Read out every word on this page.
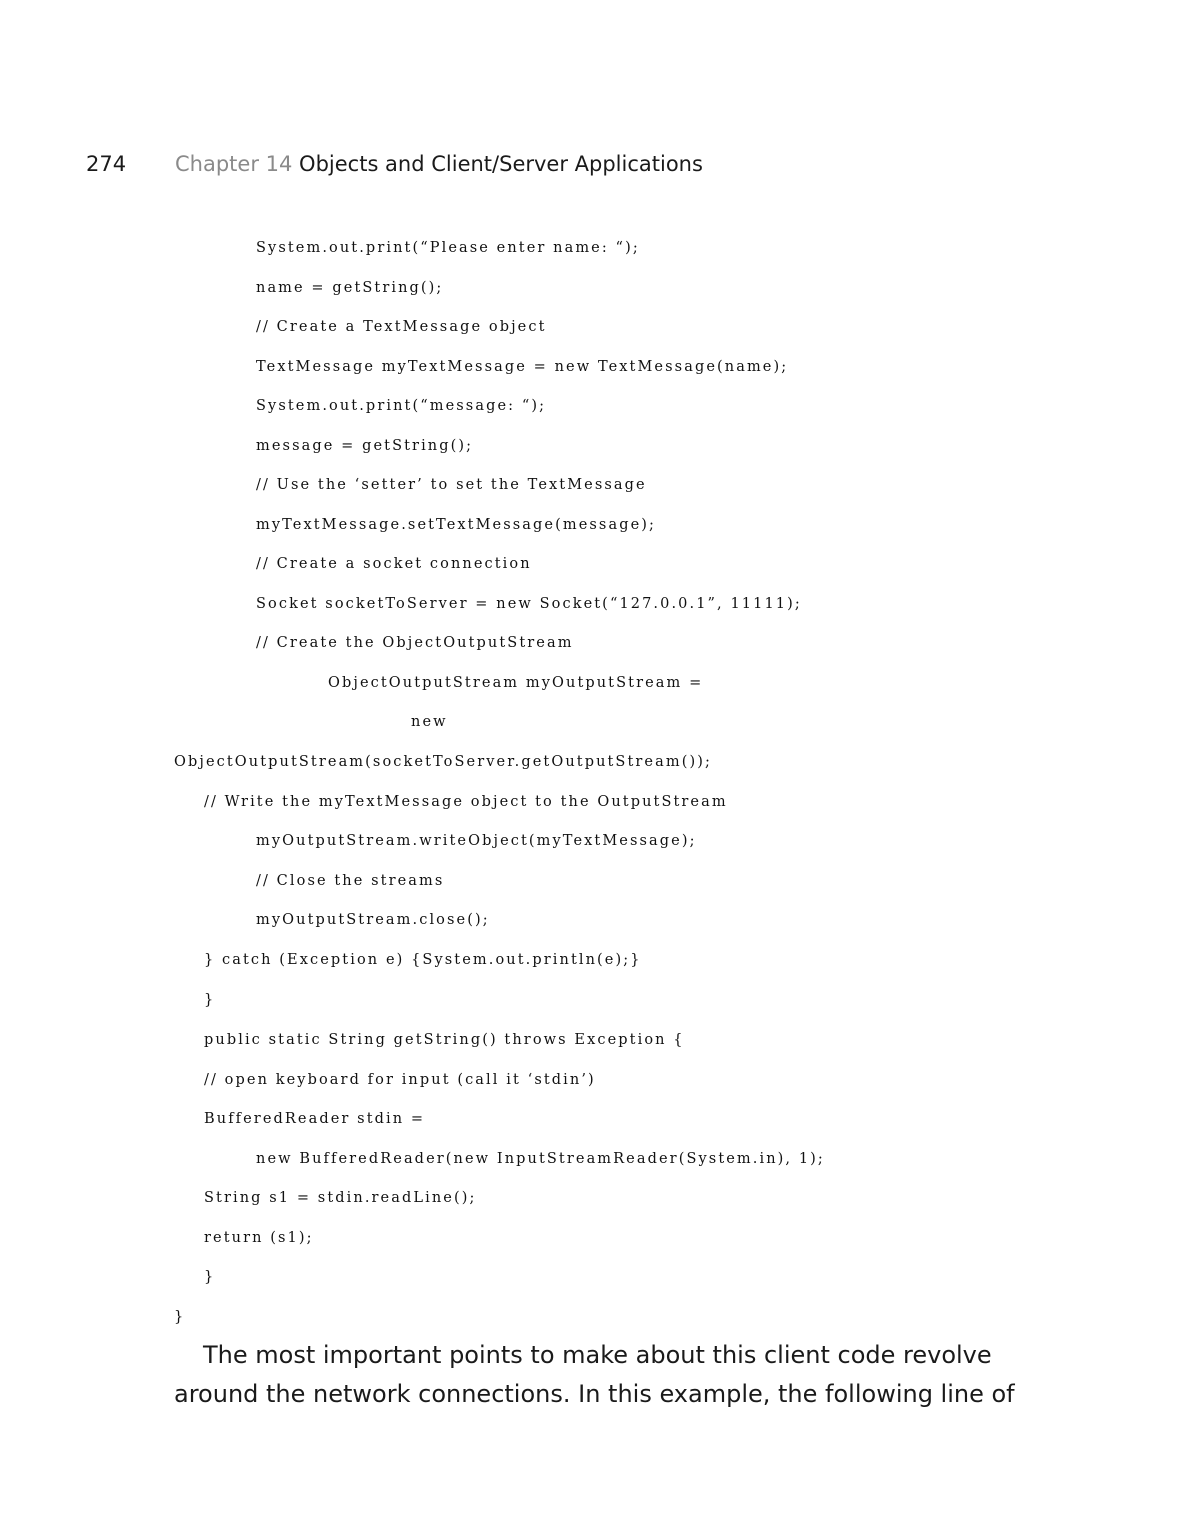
274 Chapter 14 Objects and Client/Server Applications
System.out.print(“Please enter name: “);
name = getString();
// Create a TextMessage object
TextMessage myTextMessage = new TextMessage(name);
System.out.print(“message: “);
message = getString();
// Use the ‘setter’ to set the TextMessage
myTextMessage.setTextMessage(message);
// Create a socket connection
Socket socketToServer = new Socket(“127.0.0.1”, 11111);
// Create the ObjectOutputStream
ObjectOutputStream myOutputStream =
new
ObjectOutputStream(socketToServer.getOutputStream());
// Write the myTextMessage object to the OutputStream
myOutputStream.writeObject(myTextMessage);
// Close the streams
myOutputStream.close();
} catch (Exception e) {System.out.println(e);}
}
public static String getString() throws Exception {
// open keyboard for input (call it ‘stdin’)
BufferedReader stdin =
new BufferedReader(new InputStreamReader(System.in), 1);
String s1 = stdin.readLine();
return (s1);
}
}

The most important points to make about this client code revolve
around the network connections. In this example, the following line of
